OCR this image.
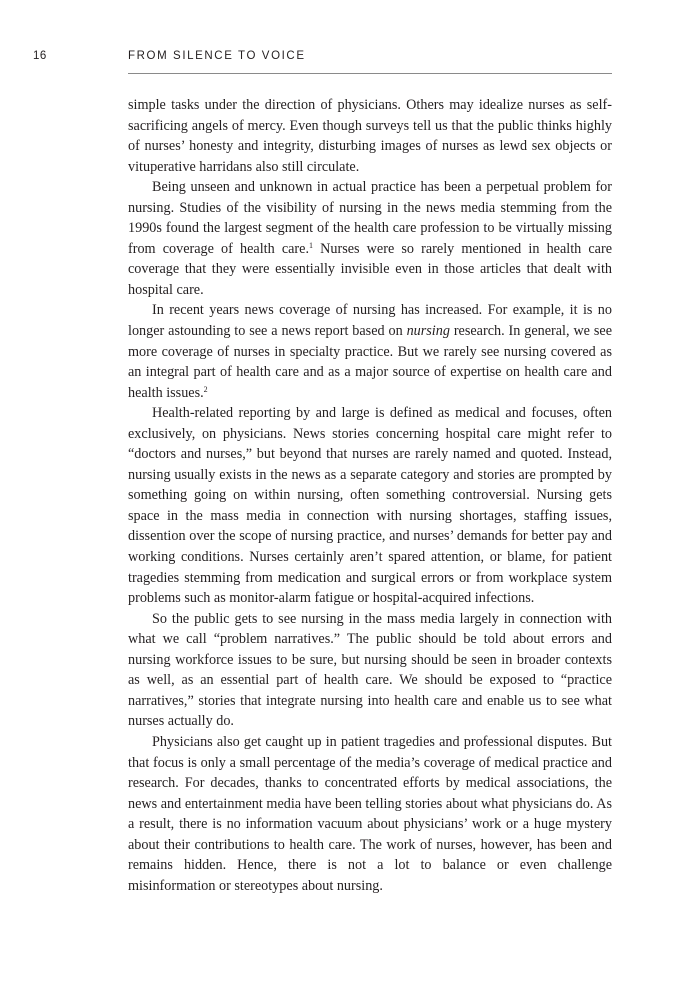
16	FROM SILENCE TO VOICE

simple tasks under the direction of physicians. Others may idealize nurses as self-sacrificing angels of mercy. Even though surveys tell us that the public thinks highly of nurses’ honesty and integrity, disturbing images of nurses as lewd sex objects or vituperative harridans also still circulate.

Being unseen and unknown in actual practice has been a perpetual problem for nursing. Studies of the visibility of nursing in the news media stemming from the 1990s found the largest segment of the health care profession to be virtually missing from coverage of health care.$^1$ Nurses were so rarely mentioned in health care coverage that they were essentially invisible even in those articles that dealt with hospital care.

In recent years news coverage of nursing has increased. For example, it is no longer astounding to see a news report based on nursing research. In general, we see more coverage of nurses in specialty practice. But we rarely see nursing covered as an integral part of health care and as a major source of expertise on health care and health issues.$^2$

Health-related reporting by and large is defined as medical and focuses, often exclusively, on physicians. News stories concerning hospital care might refer to “doctors and nurses,” but beyond that nurses are rarely named and quoted. Instead, nursing usually exists in the news as a separate category and stories are prompted by something going on within nursing, often something controversial. Nursing gets space in the mass media in connection with nursing shortages, staffing issues, dissention over the scope of nursing practice, and nurses’ demands for better pay and working conditions. Nurses certainly aren’t spared attention, or blame, for patient tragedies stemming from medication and surgical errors or from workplace system problems such as monitor-alarm fatigue or hospital-acquired infections.

So the public gets to see nursing in the mass media largely in connection with what we call “problem narratives.” The public should be told about errors and nursing workforce issues to be sure, but nursing should be seen in broader contexts as well, as an essential part of health care. We should be exposed to “practice narratives,” stories that integrate nursing into health care and enable us to see what nurses actually do.

Physicians also get caught up in patient tragedies and professional disputes. But that focus is only a small percentage of the media’s coverage of medical practice and research. For decades, thanks to concentrated efforts by medical associations, the news and entertainment media have been telling stories about what physicians do. As a result, there is no information vacuum about physicians’ work or a huge mystery about their contributions to health care. The work of nurses, however, has been and remains hidden. Hence, there is not a lot to balance or even challenge misinformation or stereotypes about nursing.
